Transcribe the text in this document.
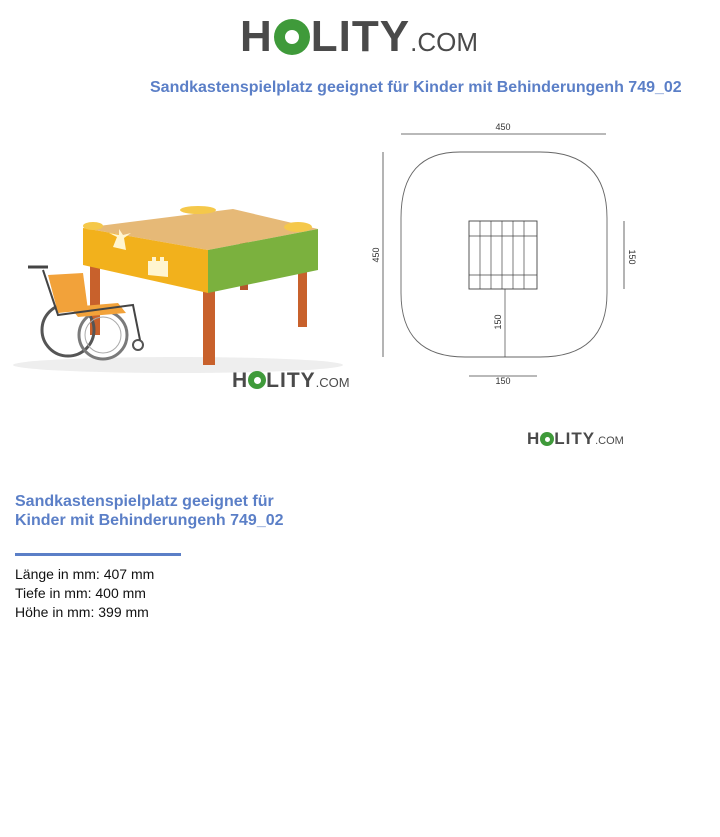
H LITY .COM
Sandkastenspielplatz geeignet für Kinder mit Behinderungenh 749_02
H LITY .COM
450
450
150
150
150
H LITY .COM
Sandkastenspielplatz geeignet für Kinder mit Behinderungenh 749_02
Länge in mm: 407 mm
Tiefe in mm: 400 mm
Höhe in mm: 399 mm
